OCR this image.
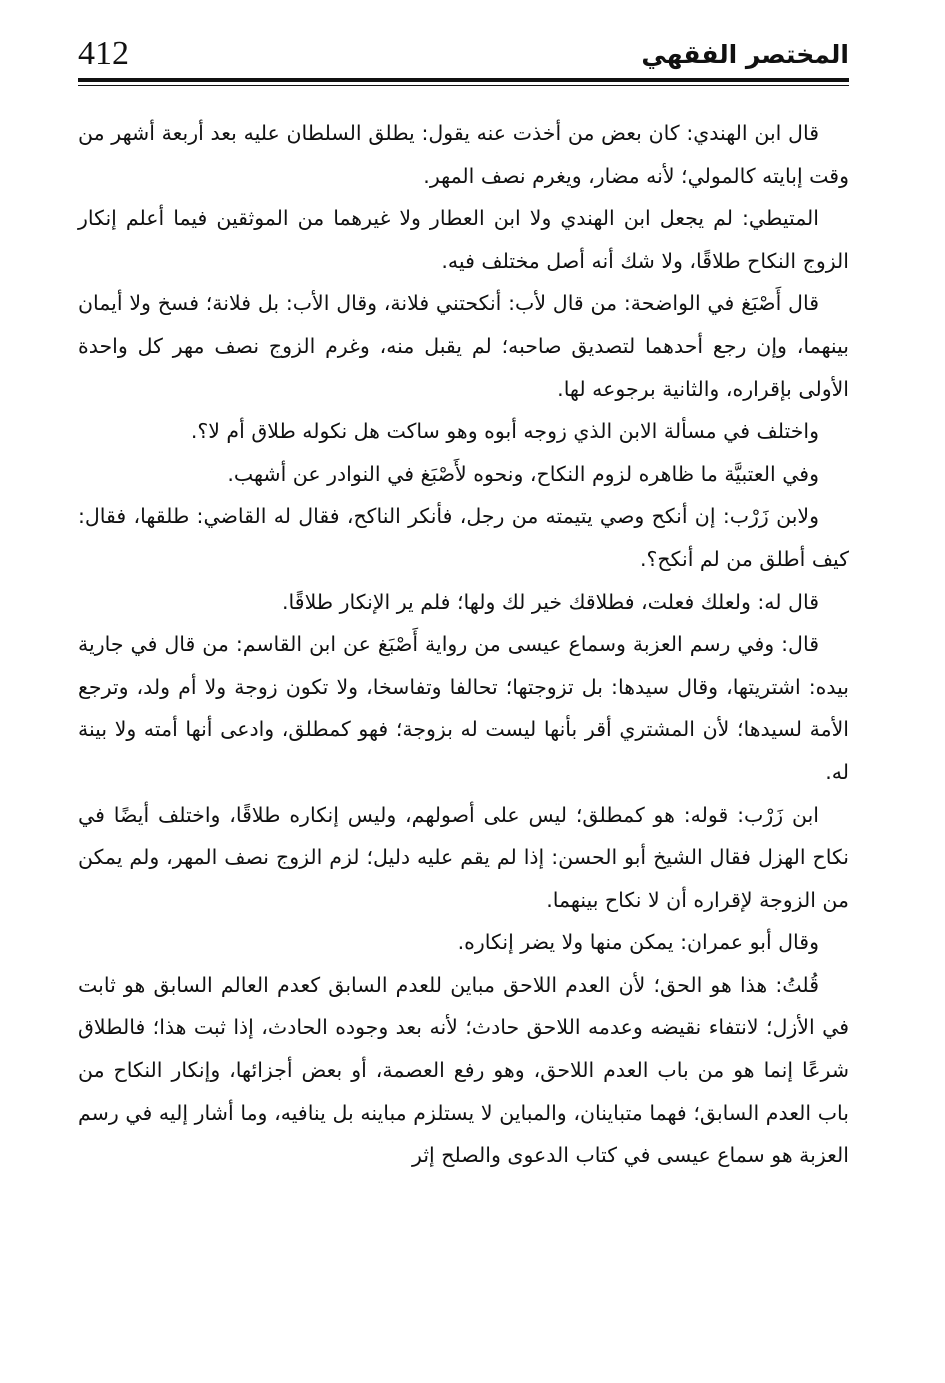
412	المختصر الفقهي

قال ابن الهندي: كان بعض من أخذت عنه يقول: يطلق السلطان عليه بعد أربعة أشهر من وقت إبايته كالمولي؛ لأنه مضار، ويغرم نصف المهر.

المتيطي: لم يجعل ابن الهندي ولا ابن العطار ولا غيرهما من الموثقين فيما أعلم إنكار الزوج النكاح طلاقًا، ولا شك أنه أصل مختلف فيه.

قال أَصْبَغ في الواضحة: من قال لأب: أنكحتني فلانة، وقال الأب: بل فلانة؛ فسخ ولا أيمان بينهما، وإن رجع أحدهما لتصديق صاحبه؛ لم يقبل منه، وغرم الزوج نصف مهر كل واحدة الأولى بإقراره، والثانية برجوعه لها.

واختلف في مسألة الابن الذي زوجه أبوه وهو ساكت هل نكوله طلاق أم لا؟.

وفي العتبيَّة ما ظاهره لزوم النكاح، ونحوه لأَصْبَغ في النوادر عن أشهب.

ولابن زَرْب: إن أنكح وصي يتيمته من رجل، فأنكر الناكح، فقال له القاضي: طلقها، فقال: كيف أطلق من لم أنكح؟.

قال له: ولعلك فعلت، فطلاقك خير لك ولها؛ فلم ير الإنكار طلاقًا.

قال: وفي رسم العزبة وسماع عيسى من رواية أَصْبَغ عن ابن القاسم: من قال في جارية بيده: اشتريتها، وقال سيدها: بل تزوجتها؛ تحالفا وتفاسخا، ولا تكون زوجة ولا أم ولد، وترجع الأمة لسيدها؛ لأن المشتري أقر بأنها ليست له بزوجة؛ فهو كمطلق، وادعى أنها أمته ولا بينة له.

ابن زَرْب: قوله: هو كمطلق؛ ليس على أصولهم، وليس إنكاره طلاقًا، واختلف أيضًا في نكاح الهزل فقال الشيخ أبو الحسن: إذا لم يقم عليه دليل؛ لزم الزوج نصف المهر، ولم يمكن من الزوجة لإقراره أن لا نكاح بينهما.

وقال أبو عمران: يمكن منها ولا يضر إنكاره.

قُلتُ: هذا هو الحق؛ لأن العدم اللاحق مباين للعدم السابق كعدم العالم السابق هو ثابت في الأزل؛ لانتفاء نقيضه وعدمه اللاحق حادث؛ لأنه بعد وجوده الحادث، إذا ثبت هذا؛ فالطلاق شرعًا إنما هو من باب العدم اللاحق، وهو رفع العصمة، أو بعض أجزائها، وإنكار النكاح من باب العدم السابق؛ فهما متباينان، والمباين لا يستلزم مباينه بل ينافيه، وما أشار إليه في رسم العزبة هو سماع عيسى في كتاب الدعوى والصلح إثر
